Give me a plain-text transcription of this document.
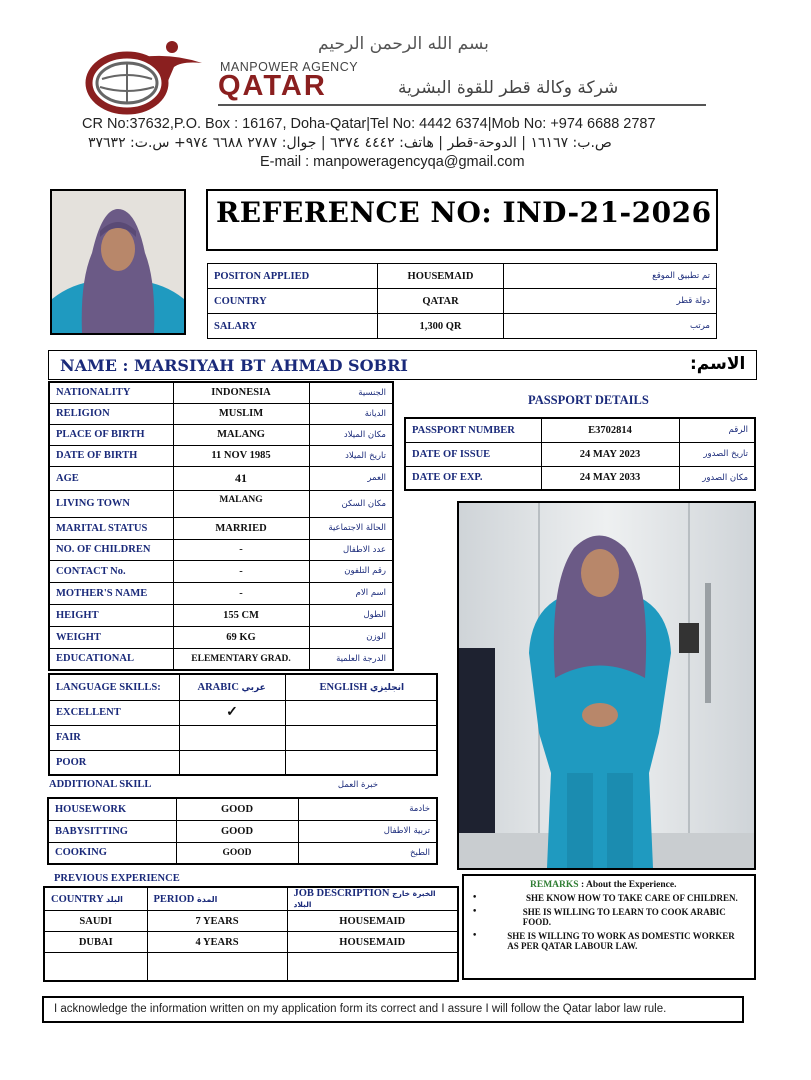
بسم الله الرحمن الرحيم
MANPOWER AGENCY
QATAR	شركة وكالة قطر للقوة البشرية
CR No:37632,P.O. Box : 16167, Doha-Qatar|Tel No: 4442 6374|Mob No: +974 6688 2787
ص.ب: ١٦١٦٧ | الدوحة-قطر | هاتف: ٤٤٤٢ ٦٣٧٤ | جوال: ٢٧٨٧ ٦٦٨٨ ٩٧٤+ س.ت: ٣٧٦٣٢
E-mail : manpoweragencyqa@gmail.com
REFERENCE NO: IND-21-2026
POSITON APPLIED	HOUSEMAID	تم تطبيق الموقع
COUNTRY	QATAR	دولة قطر
SALARY	1,300 QR	مرتب
NAME : MARSIYAH BT AHMAD SOBRI	الاسم:
NATIONALITY	INDONESIA	الجنسية
RELIGION	MUSLIM	الديانة
PLACE OF BIRTH	MALANG	مكان الميلاد
DATE OF BIRTH	11 NOV 1985	تاريخ الميلاد
AGE	41	العمر
LIVING TOWN	MALANG	مكان السكن
MARITAL STATUS	MARRIED	الحالة الاجتماعية
NO. OF CHILDREN	-	عدد الاطفال
CONTACT No.	-	رقم التلفون
MOTHER'S NAME	-	اسم الام
HEIGHT	155 CM	الطول
WEIGHT	69 KG	الوزن
EDUCATIONAL	ELEMENTARY GRAD.	الدرجة العلمية
PASSPORT DETAILS
PASSPORT NUMBER	E3702814	الرقم
DATE OF ISSUE	24 MAY 2023	تاريخ الصدور
DATE OF EXP.	24 MAY 2033	مكان الصدور
LANGUAGE SKILLS:	ARABIC عربي	ENGLISH انجليزي
EXCELLENT	✓	
FAIR		
POOR		
ADDITIONAL SKILL	خبرة العمل
HOUSEWORK	GOOD	خادمة
BABYSITTING	GOOD	تربية الاطفال
COOKING	GOOD	الطبخ
PREVIOUS EXPERIENCE
COUNTRY البلد	PERIOD المدة	JOB DESCRIPTION الخبرة خارج البلاد
SAUDI	7 YEARS	HOUSEMAID
DUBAI	4 YEARS	HOUSEMAID

REMARKS : About the Experience.
•	SHE KNOW HOW TO TAKE CARE OF CHILDREN.
•	SHE IS WILLING TO LEARN TO COOK ARABIC FOOD.
•	SHE IS WILLING TO WORK AS DOMESTIC WORKER AS PER QATAR LABOUR LAW.
I acknowledge the information written on my application form its correct and I assure I will follow the Qatar labor law rule.
